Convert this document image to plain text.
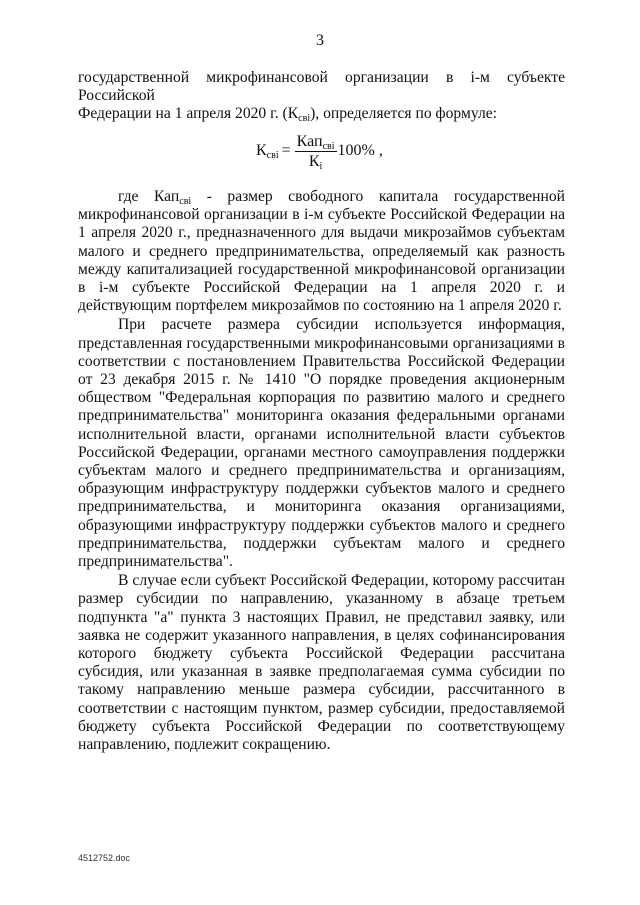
3

государственной микрофинансовой организации в i-м субъекте Российской

Федерации на 1 апреля 2020 г. $(К_{свi})$, определяется по формуле:

$К_{свi} = \frac{Кап_{свi}}{К_i} 100\%$ ,

где Кап$_{свi}$ - размер свободного капитала государственной микрофинансовой организации в i-м субъекте Российской Федерации на 1 апреля 2020 г., предназначенного для выдачи микрозаймов субъектам малого и среднего предпринимательства, определяемый как разность между капитализацией государственной микрофинансовой организации в i-м субъекте Российской Федерации на 1 апреля 2020 г. и действующим портфелем микрозаймов по состоянию на 1 апреля 2020 г.

При расчете размера субсидии используется информация, представленная государственными микрофинансовыми организациями в соответствии с постановлением Правительства Российской Федерации от 23 декабря 2015 г. № 1410 "О порядке проведения акционерным обществом "Федеральная корпорация по развитию малого и среднего предпринимательства" мониторинга оказания федеральными органами исполнительной власти, органами исполнительной власти субъектов Российской Федерации, органами местного самоуправления поддержки субъектам малого и среднего предпринимательства и организациям, образующим инфраструктуру поддержки субъектов малого и среднего предпринимательства, и мониторинга оказания организациями, образующими инфраструктуру поддержки субъектов малого и среднего предпринимательства, поддержки субъектам малого и среднего предпринимательства".

В случае если субъект Российской Федерации, которому рассчитан размер субсидии по направлению, указанному в абзаце третьем подпункта "а" пункта 3 настоящих Правил, не представил заявку, или заявка не содержит указанного направления, в целях софинансирования которого бюджету субъекта Российской Федерации рассчитана субсидия, или указанная в заявке предполагаемая сумма субсидии по такому направлению меньше размера субсидии, рассчитанного в соответствии с настоящим пунктом, размер субсидии, предоставляемой бюджету субъекта Российской Федерации по соответствующему направлению, подлежит сокращению.

4512752.doc
